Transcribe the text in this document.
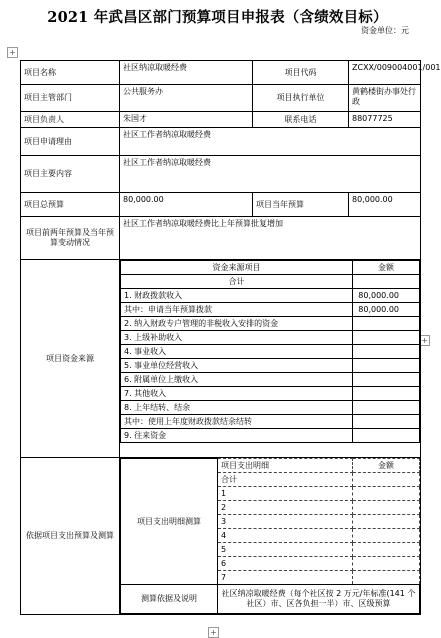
2021 年武昌区部门预算项目申报表（含绩效目标）
资金单位：元
+
+
+
项目名称	社区纳凉取暖经费	项目代码	ZCXX/009004001/001
项目主管部门	公共服务办	项目执行单位	黄鹤楼街办事处行政
项目负责人	朱国才	联系电话	88077725
项目申请理由	社区工作者纳凉取暖经费
项目主要内容	社区工作者纳凉取暖经费
项目总预算	80,000.00	项目当年预算	80,000.00
项目前两年预算及当年预算变动情况	社区工作者纳凉取暖经费比上年预算批复增加
项目资金来源	
资金来源项目	金额
合计	
1. 财政拨款收入	80,000.00
其中：申请当年预算拨款	80,000.00
2. 纳入财政专户管理的非税收入安排的资金	
3. 上级补助收入	
4. 事业收入	
5. 事业单位经营收入	
6. 附属单位上缴收入	
7. 其他收入	
8. 上年结转、结余	
其中：使用上年度财政拨款结余结转	
9. 往来资金	

依据项目支出预算及测算	
项目支出明细测算	项目支出明细	金额
合计	
1	
2	
3	
4	
5	
6	
7	
测算依据及说明	社区纳凉取暖经费（每个社区按 2 万元/年标准(141 个社区）市、区各负担一半）市、区级预算
